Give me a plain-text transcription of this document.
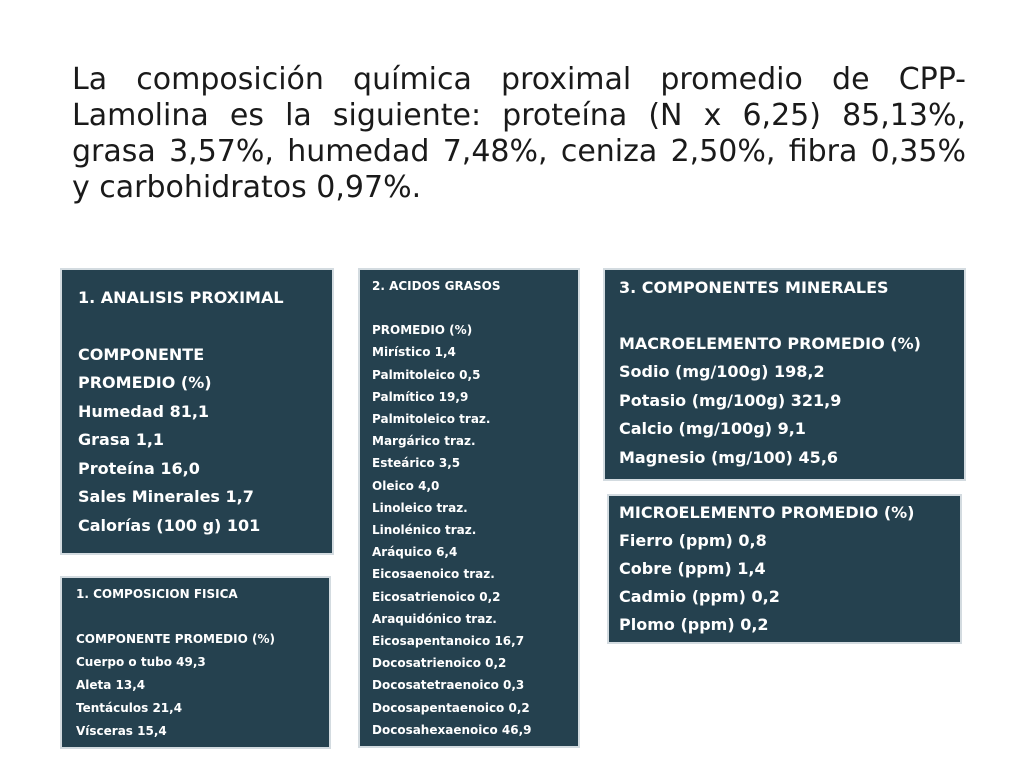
La composición química proximal promedio de CPP-Lamolina es la siguiente: proteína (N x 6,25) 85,13%, grasa 3,57%, humedad 7,48%, ceniza 2,50%, fibra 0,35% y carbohidratos 0,97%.

1. ANALISIS PROXIMAL
COMPONENTE
PROMEDIO (%)
Humedad 81,1
Grasa 1,1
Proteína 16,0
Sales Minerales 1,7
Calorías (100 g) 101
2. ACIDOS GRASOS
PROMEDIO (%)
Mirístico 1,4
Palmitoleico 0,5
Palmítico 19,9
Palmitoleico traz.
Margárico traz.
Esteárico 3,5
Oleico 4,0
Linoleico traz.
Linolénico traz.
Aráquico 6,4
Eicosaenoico traz.
Eicosatrienoico 0,2
Araquidónico traz.
Eicosapentanoico 16,7
Docosatrienoico 0,2
Docosatetraenoico 0,3
Docosapentaenoico 0,2
Docosahexaenoico 46,9
3. COMPONENTES MINERALES
MACROELEMENTO PROMEDIO (%)
Sodio (mg/100g) 198,2
Potasio (mg/100g) 321,9
Calcio (mg/100g) 9,1
Magnesio (mg/100) 45,6
MICROELEMENTO PROMEDIO (%)
Fierro (ppm) 0,8
Cobre (ppm) 1,4
Cadmio (ppm) 0,2
Plomo (ppm) 0,2
1. COMPOSICION FISICA
COMPONENTE PROMEDIO (%)
Cuerpo o tubo 49,3
Aleta 13,4
Tentáculos 21,4
Vísceras 15,4
